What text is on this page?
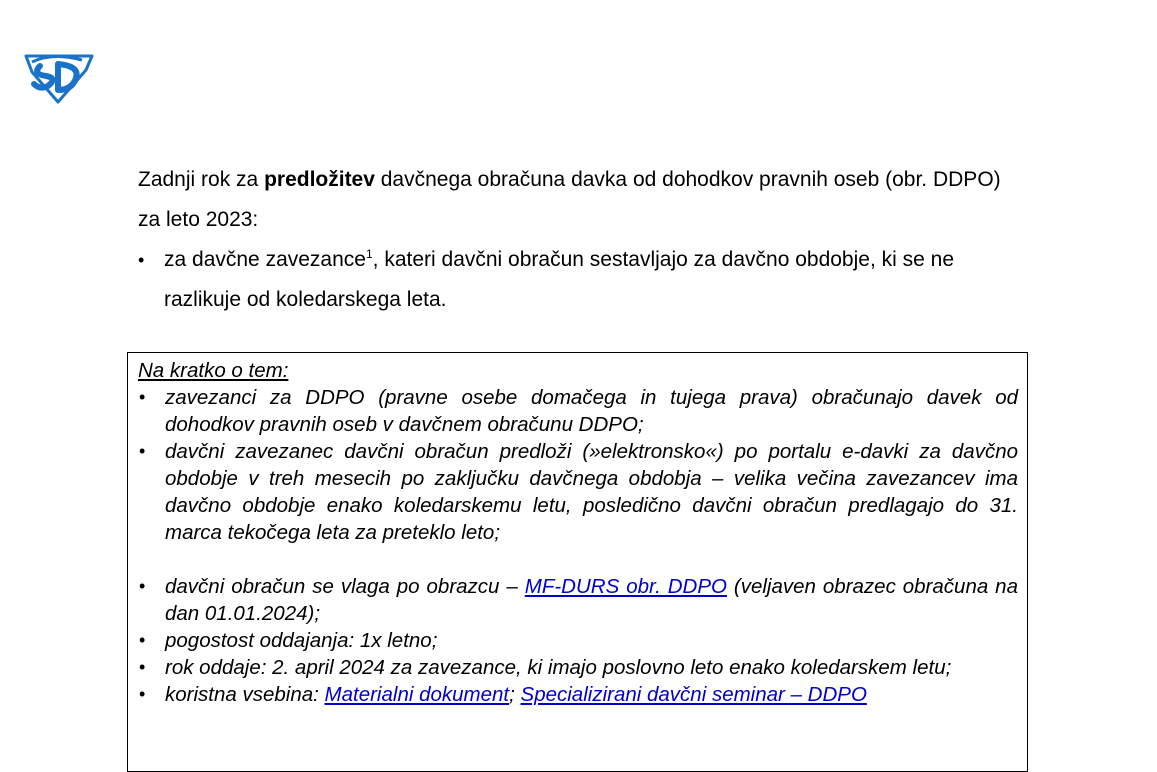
Zadnji rok za predložitev davčnega obračuna davka od dohodkov pravnih oseb (obr. DDPO) za leto 2023:

• za davčne zavezance$^1$, kateri davčni obračun sestavljajo za davčno obdobje, ki se ne razlikuje od koledarskega leta.
Na kratko o tem:
• zavezanci za DDPO (pravne osebe domačega in tujega prava) obračunajo davek od dohodkov pravnih oseb v davčnem obračunu DDPO;
• davčni zavezanec davčni obračun predloži (»elektronsko«) po portalu e-davki za davčno obdobje v treh mesecih po zaključku davčnega obdobja – velika večina zavezancev ima davčno obdobje enako koledarskemu letu, posledično davčni obračun predlagajo do 31. marca tekočega leta za preteklo leto;
• davčni obračun se vlaga po obrazcu – MF-DURS obr. DDPO (veljaven obrazec obračuna na dan 01.01.2024);
• pogostost oddajanja: 1x letno;
• rok oddaje: 2. april 2024 za zavezance, ki imajo poslovno leto enako koledarskem letu;
• koristna vsebina: Materialni dokument; Specializirani davčni seminar – DDPO
